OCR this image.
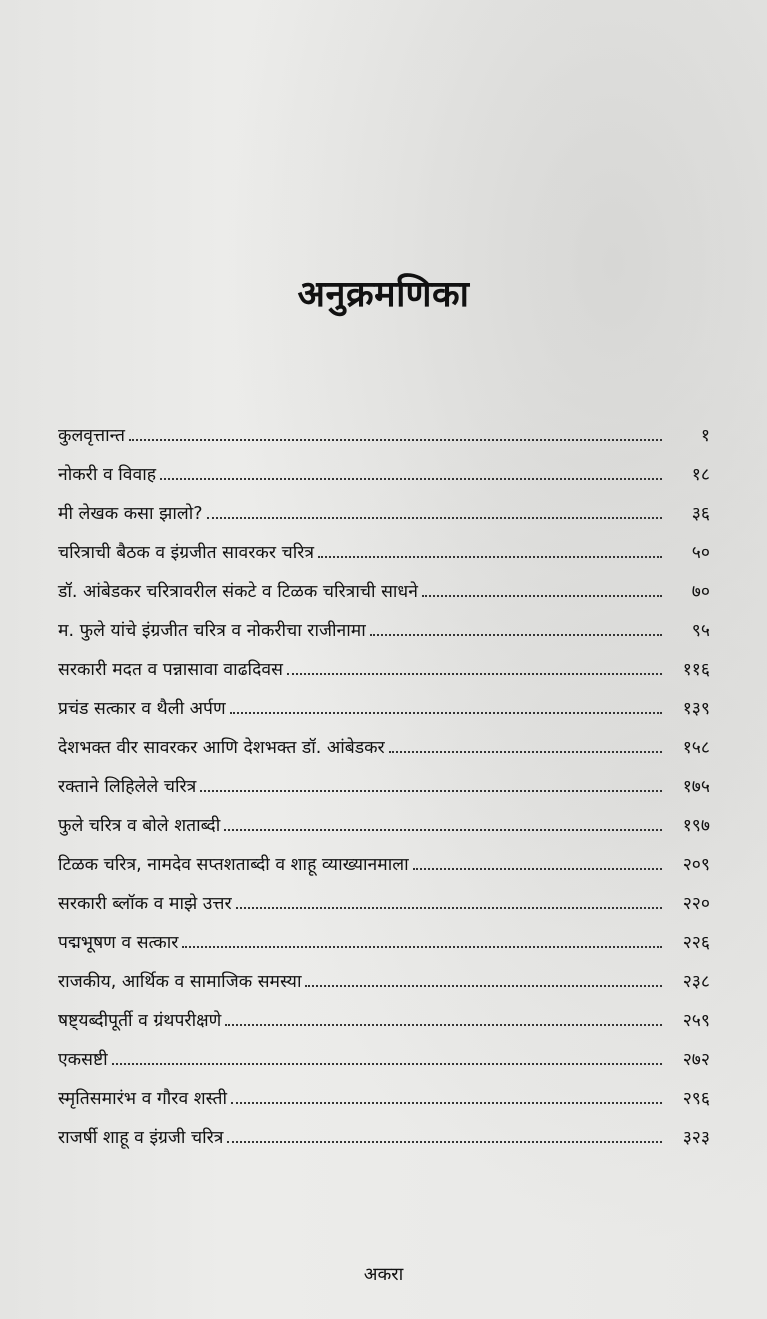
अनुक्रमणिका
कुलवृत्तान्त	१
नोकरी व विवाह	१८
मी लेखक कसा झालो?	३६
चरित्राची बैठक व इंग्रजीत सावरकर चरित्र	५०
डॉ. आंबेडकर चरित्रावरील संकटे व टिळक चरित्राची साधने	७०
म. फुले यांचे इंग्रजीत चरित्र व नोकरीचा राजीनामा	९५
सरकारी मदत व पन्नासावा वाढदिवस	११६
प्रचंड सत्कार व थैली अर्पण	१३९
देशभक्त वीर सावरकर आणि देशभक्त डॉ. आंबेडकर	१५८
रक्ताने लिहिलेले चरित्र	१७५
फुले चरित्र व बोले शताब्दी	१९७
टिळक चरित्र, नामदेव सप्तशताब्दी व शाहू व्याख्यानमाला	२०९
सरकारी ब्लॉक व माझे उत्तर	२२०
पद्मभूषण व सत्कार	२२६
राजकीय, आर्थिक व सामाजिक समस्या	२३८
षष्ट्यब्दीपूर्ती व ग्रंथपरीक्षणे	२५९
एकसष्टी	२७२
स्मृतिसमारंभ व गौरव शस्ती	२९६
राजर्षी शाहू व इंग्रजी चरित्र	३२३

अकरा
